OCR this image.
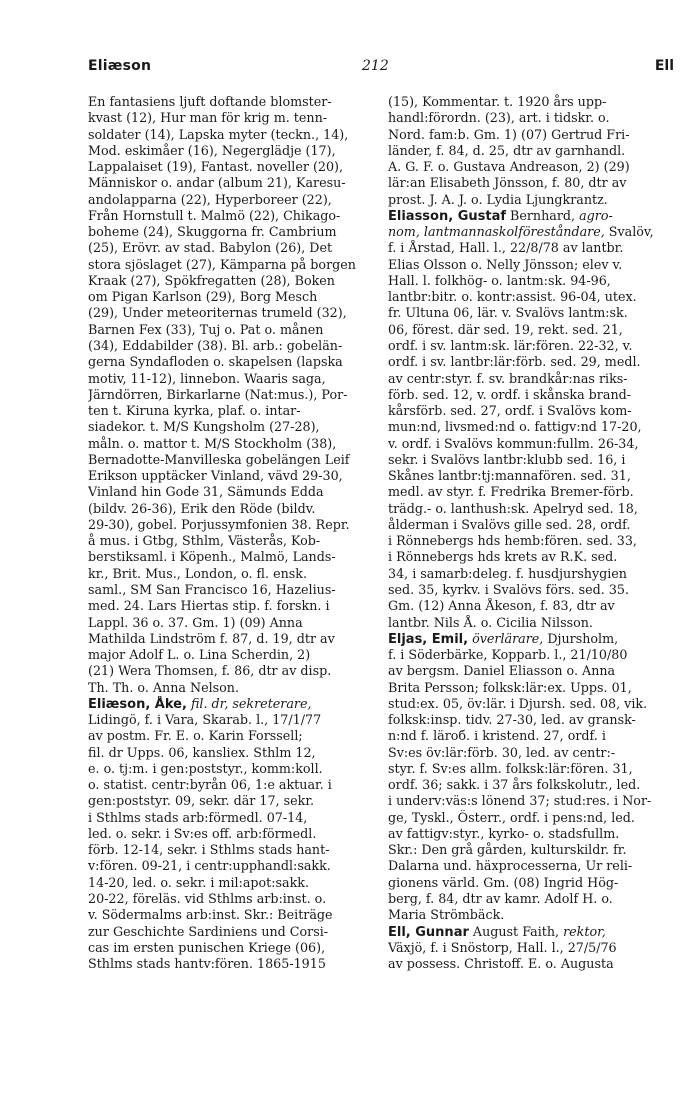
Eliæson	212	Ell
En fantasiens ljuft doftande blomster-
kvast (12), Hur man för krig m. tenn-
soldater (14), Lapska myter (teckn., 14),
Mod. eskimåer (16), Negerglädje (17),
Lappalaiset (19), Fantast. noveller (20),
Människor o. andar (album 21), Karesu-
andolapparna (22), Hyperboreer (22),
Från Hornstull t. Malmö (22), Chikago-
boheme (24), Skuggorna fr. Cambrium
(25), Erövr. av stad. Babylon (26), Det
stora sjöslaget (27), Kämparna på borgen
Kraak (27), Spökfregatten (28), Boken
om Pigan Karlson (29), Borg Mesch
(29), Under meteoriternas trumeld (32),
Barnen Fex (33), Tuj o. Pat o. månen
(34), Eddabilder (38). Bl. arb.: gobelän-
gerna Syndafloden o. skapelsen (lapska
motiv, 11-12), linnebon. Waaris saga,
Järndörren, Birkarlarne (Nat:mus.), Por-
ten t. Kiruna kyrka, plaf. o. intar-
siadekor. t. M/S Kungsholm (27-28),
måln. o. mattor t. M/S Stockholm (38),
Bernadotte-Manvilleska gobelängen Leif
Erikson upptäcker Vinland, vävd 29-30,
Vinland hin Gode 31, Sämunds Edda
(bildv. 26-36), Erik den Röde (bildv.
29-30), gobel. Porjussymfonien 38. Repr.
å mus. i Gtbg, Sthlm, Västerås, Kob-
berstiksaml. i Köpenh., Malmö, Lands-
kr., Brit. Mus., London, o. fl. ensk.
saml., SM San Francisco 16, Hazelius-
med. 24. Lars Hiertas stip. f. forskn. i
Lappl. 36 o. 37. Gm. 1) (09) Anna
Mathilda Lindström f. 87, d. 19, dtr av
major Adolf L. o. Lina Scherdin, 2)
(21) Wera Thomsen, f. 86, dtr av disp.
Th. Th. o. Anna Nelson.
Eliæson, Åke, fil. dr, sekreterare,
Lidingö, f. i Vara, Skarab. l., 17/1/77
av postm. Fr. E. o. Karin Forssell;
fil. dr Upps. 06, kansliex. Sthlm 12,
e. o. tj:m. i gen:poststyr., komm:koll.
o. statist. centr:byrån 06, 1:e aktuar. i
gen:poststyr. 09, sekr. där 17, sekr.
i Sthlms stads arb:förmedl. 07-14,
led. o. sekr. i Sv:es off. arb:förmedl.
förb. 12-14, sekr. i Sthlms stads hant-
v:fören. 09-21, i centr:upphandl:sakk.
14-20, led. o. sekr. i mil:apot:sakk.
20-22, föreläs. vid Sthlms arb:inst. o.
v. Södermalms arb:inst. Skr.: Beiträge
zur Geschichte Sardiniens und Corsi-
cas im ersten punischen Kriege (06),
Sthlms stads hantv:fören. 1865-1915
(15), Kommentar. t. 1920 års upp-
handl:förordn. (23), art. i tidskr. o.
Nord. fam:b. Gm. 1) (07) Gertrud Fri-
länder, f. 84, d. 25, dtr av garnhandl.
A. G. F. o. Gustava Andreason, 2) (29)
lär:an Elisabeth Jönsson, f. 80, dtr av
prost. J. A. J. o. Lydia Ljungkrantz.
Eliasson, Gustaf Bernhard, agro-
nom, lantmannaskolföreståndare, Svalöv,
f. i Årstad, Hall. l., 22/8/78 av lantbr.
Elias Olsson o. Nelly Jönsson; elev v.
Hall. l. folkhög- o. lantm:sk. 94-96,
lantbr:bitr. o. kontr:assist. 96-04, utex.
fr. Ultuna 06, lär. v. Svalövs lantm:sk.
06, förest. där sed. 19, rekt. sed. 21,
ordf. i sv. lantm:sk. lär:fören. 22-32, v.
ordf. i sv. lantbr:lär:förb. sed. 29, medl.
av centr:styr. f. sv. brandkår:nas riks-
förb. sed. 12, v. ordf. i skånska brand-
kårsförb. sed. 27, ordf. i Svalövs kom-
mun:nd, livsmed:nd o. fattigv:nd 17-20,
v. ordf. i Svalövs kommun:fullm. 26-34,
sekr. i Svalövs lantbr:klubb sed. 16, i
Skånes lantbr:tj:mannafören. sed. 31,
medl. av styr. f. Fredrika Bremer-förb.
trädg.- o. lanthush:sk. Apelryd sed. 18,
ålderman i Svalövs gille sed. 28, ordf.
i Rönnebergs hds hemb:fören. sed. 33,
i Rönnebergs hds krets av R.K. sed.
34, i samarb:deleg. f. husdjurshygien
sed. 35, kyrkv. i Svalövs förs. sed. 35.
Gm. (12) Anna Åkeson, f. 83, dtr av
lantbr. Nils Å. o. Cicilia Nilsson.
Eljas, Emil, överlärare, Djursholm,
f. i Söderbärke, Kopparb. l., 21/10/80
av bergsm. Daniel Eliasson o. Anna
Brita Persson; folksk:lär:ex. Upps. 01,
stud:ex. 05, öv:lär. i Djursh. sed. 08, vik.
folksk:insp. tidv. 27-30, led. av gransk-
n:nd f. läroб. i kristend. 27, ordf. i
Sv:es öv:lär:förb. 30, led. av centr:-
styr. f. Sv:es allm. folksk:lär:fören. 31,
ordf. 36; sakk. i 37 års folkskolutr., led.
i underv:väs:s lönend 37; stud:res. i Nor-
ge, Tyskl., Österr., ordf. i pens:nd, led.
av fattigv:styr., kyrko- o. stadsfullm.
Skr.: Den grå gården, kulturskildr. fr.
Dalarna und. häxprocesserna, Ur reli-
gionens värld. Gm. (08) Ingrid Hög-
berg, f. 84, dtr av kamr. Adolf H. o.
Maria Strömbäck.
Ell, Gunnar August Faith, rektor,
Växjö, f. i Snöstorp, Hall. l., 27/5/76
av possess. Christoff. E. o. Augusta
